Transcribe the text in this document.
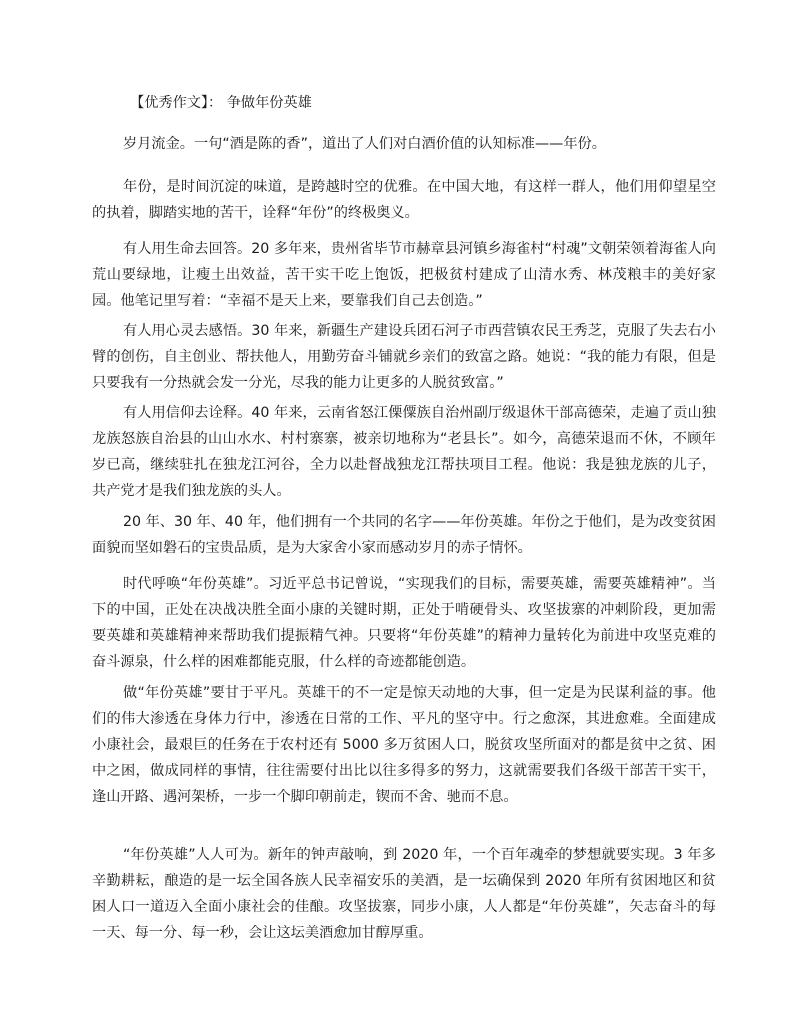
【优秀作文】： 争做年份英雄

岁月流金。一句“酒是陈的香”，道出了人们对白酒价值的认知标准——年份。

年份，是时间沉淀的味道，是跨越时空的优雅。在中国大地，有这样一群人，他们用仰望星空的执着，脚踏实地的苦干，诠释“年份”的终极奥义。

有人用生命去回答。20 多年来，贵州省毕节市赫章县河镇乡海雀村“村魂”文朝荣领着海雀人向荒山要绿地，让瘦土出效益，苦干实干吃上饱饭，把极贫村建成了山清水秀、林茂粮丰的美好家园。他笔记里写着：“幸福不是天上来，要靠我们自己去创造。”

有人用心灵去感悟。30 年来，新疆生产建设兵团石河子市西营镇农民王秀芝，克服了失去右小臂的创伤，自主创业、帮扶他人，用勤劳奋斗铺就乡亲们的致富之路。她说：“我的能力有限，但是只要我有一分热就会发一分光，尽我的能力让更多的人脱贫致富。”

有人用信仰去诠释。40 年来，云南省怒江傈僳族自治州副厅级退休干部高德荣，走遍了贡山独龙族怒族自治县的山山水水、村村寨寨，被亲切地称为“老县长”。如今，高德荣退而不休，不顾年岁已高，继续驻扎在独龙江河谷，全力以赴督战独龙江帮扶项目工程。他说：我是独龙族的儿子，共产党才是我们独龙族的头人。

20 年、30 年、40 年，他们拥有一个共同的名字——年份英雄。年份之于他们，是为改变贫困面貌而坚如磐石的宝贵品质，是为大家舍小家而感动岁月的赤子情怀。

时代呼唤“年份英雄”。习近平总书记曾说，“实现我们的目标，需要英雄，需要英雄精神”。当下的中国，正处在决战决胜全面小康的关键时期，正处于啃硬骨头、攻坚拔寨的冲刺阶段，更加需要英雄和英雄精神来帮助我们提振精气神。只要将“年份英雄”的精神力量转化为前进中攻坚克难的奋斗源泉，什么样的困难都能克服，什么样的奇迹都能创造。

做“年份英雄”要甘于平凡。英雄干的不一定是惊天动地的大事，但一定是为民谋利益的事。他们的伟大渗透在身体力行中，渗透在日常的工作、平凡的坚守中。行之愈深，其进愈难。全面建成小康社会，最艰巨的任务在于农村还有 5000 多万贫困人口，脱贫攻坚所面对的都是贫中之贫、困中之困，做成同样的事情，往往需要付出比以往多得多的努力，这就需要我们各级干部苦干实干，逢山开路、遇河架桥，一步一个脚印朝前走，锲而不舍、驰而不息。

“年份英雄”人人可为。新年的钟声敲响，到 2020 年，一个百年魂牵的梦想就要实现。3 年多辛勤耕耘，酿造的是一坛全国各族人民幸福安乐的美酒，是一坛确保到 2020 年所有贫困地区和贫困人口一道迈入全面小康社会的佳酿。攻坚拔寨，同步小康，人人都是“年份英雄”，矢志奋斗的每一天、每一分、每一秒，会让这坛美酒愈加甘醇厚重。
